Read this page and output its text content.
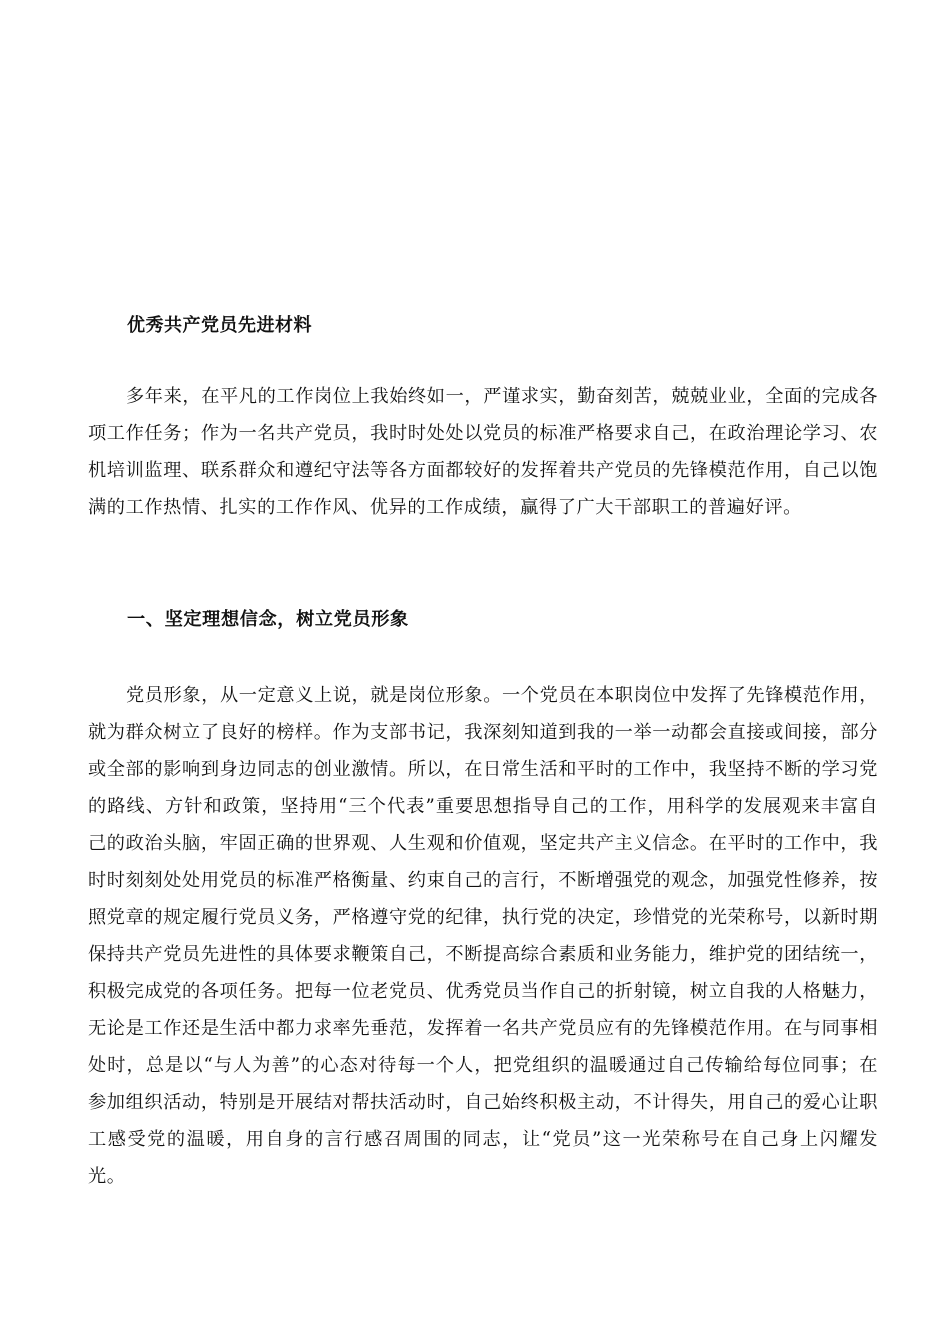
优秀共产党员先进材料

多年来，在平凡的工作岗位上我始终如一，严谨求实，勤奋刻苦，兢兢业业，全面的完成各项工作任务；作为一名共产党员，我时时处处以党员的标准严格要求自己，在政治理论学习、农机培训监理、联系群众和遵纪守法等各方面都较好的发挥着共产党员的先锋模范作用，自己以饱满的工作热情、扎实的工作作风、优异的工作成绩，赢得了广大干部职工的普遍好评。

一、坚定理想信念，树立党员形象

党员形象，从一定意义上说，就是岗位形象。一个党员在本职岗位中发挥了先锋模范作用，就为群众树立了良好的榜样。作为支部书记，我深刻知道到我的一举一动都会直接或间接，部分或全部的影响到身边同志的创业激情。所以，在日常生活和平时的工作中，我坚持不断的学习党的路线、方针和政策，坚持用“三个代表”重要思想指导自己的工作，用科学的发展观来丰富自己的政治头脑，牢固正确的世界观、人生观和价值观，坚定共产主义信念。在平时的工作中，我时时刻刻处处用党员的标准严格衡量、约束自己的言行，不断增强党的观念，加强党性修养，按照党章的规定履行党员义务，严格遵守党的纪律，执行党的决定，珍惜党的光荣称号，以新时期保持共产党员先进性的具体要求鞭策自己，不断提高综合素质和业务能力，维护党的团结统一，积极完成党的各项任务。把每一位老党员、优秀党员当作自己的折射镜，树立自我的人格魅力，无论是工作还是生活中都力求率先垂范，发挥着一名共产党员应有的先锋模范作用。在与同事相处时，总是以“与人为善”的心态对待每一个人，把党组织的温暖通过自己传输给每位同事；在参加组织活动，特别是开展结对帮扶活动时，自己始终积极主动，不计得失，用自己的爱心让职工感受党的温暖，用自身的言行感召周围的同志，让“党员”这一光荣称号在自己身上闪耀发光。
